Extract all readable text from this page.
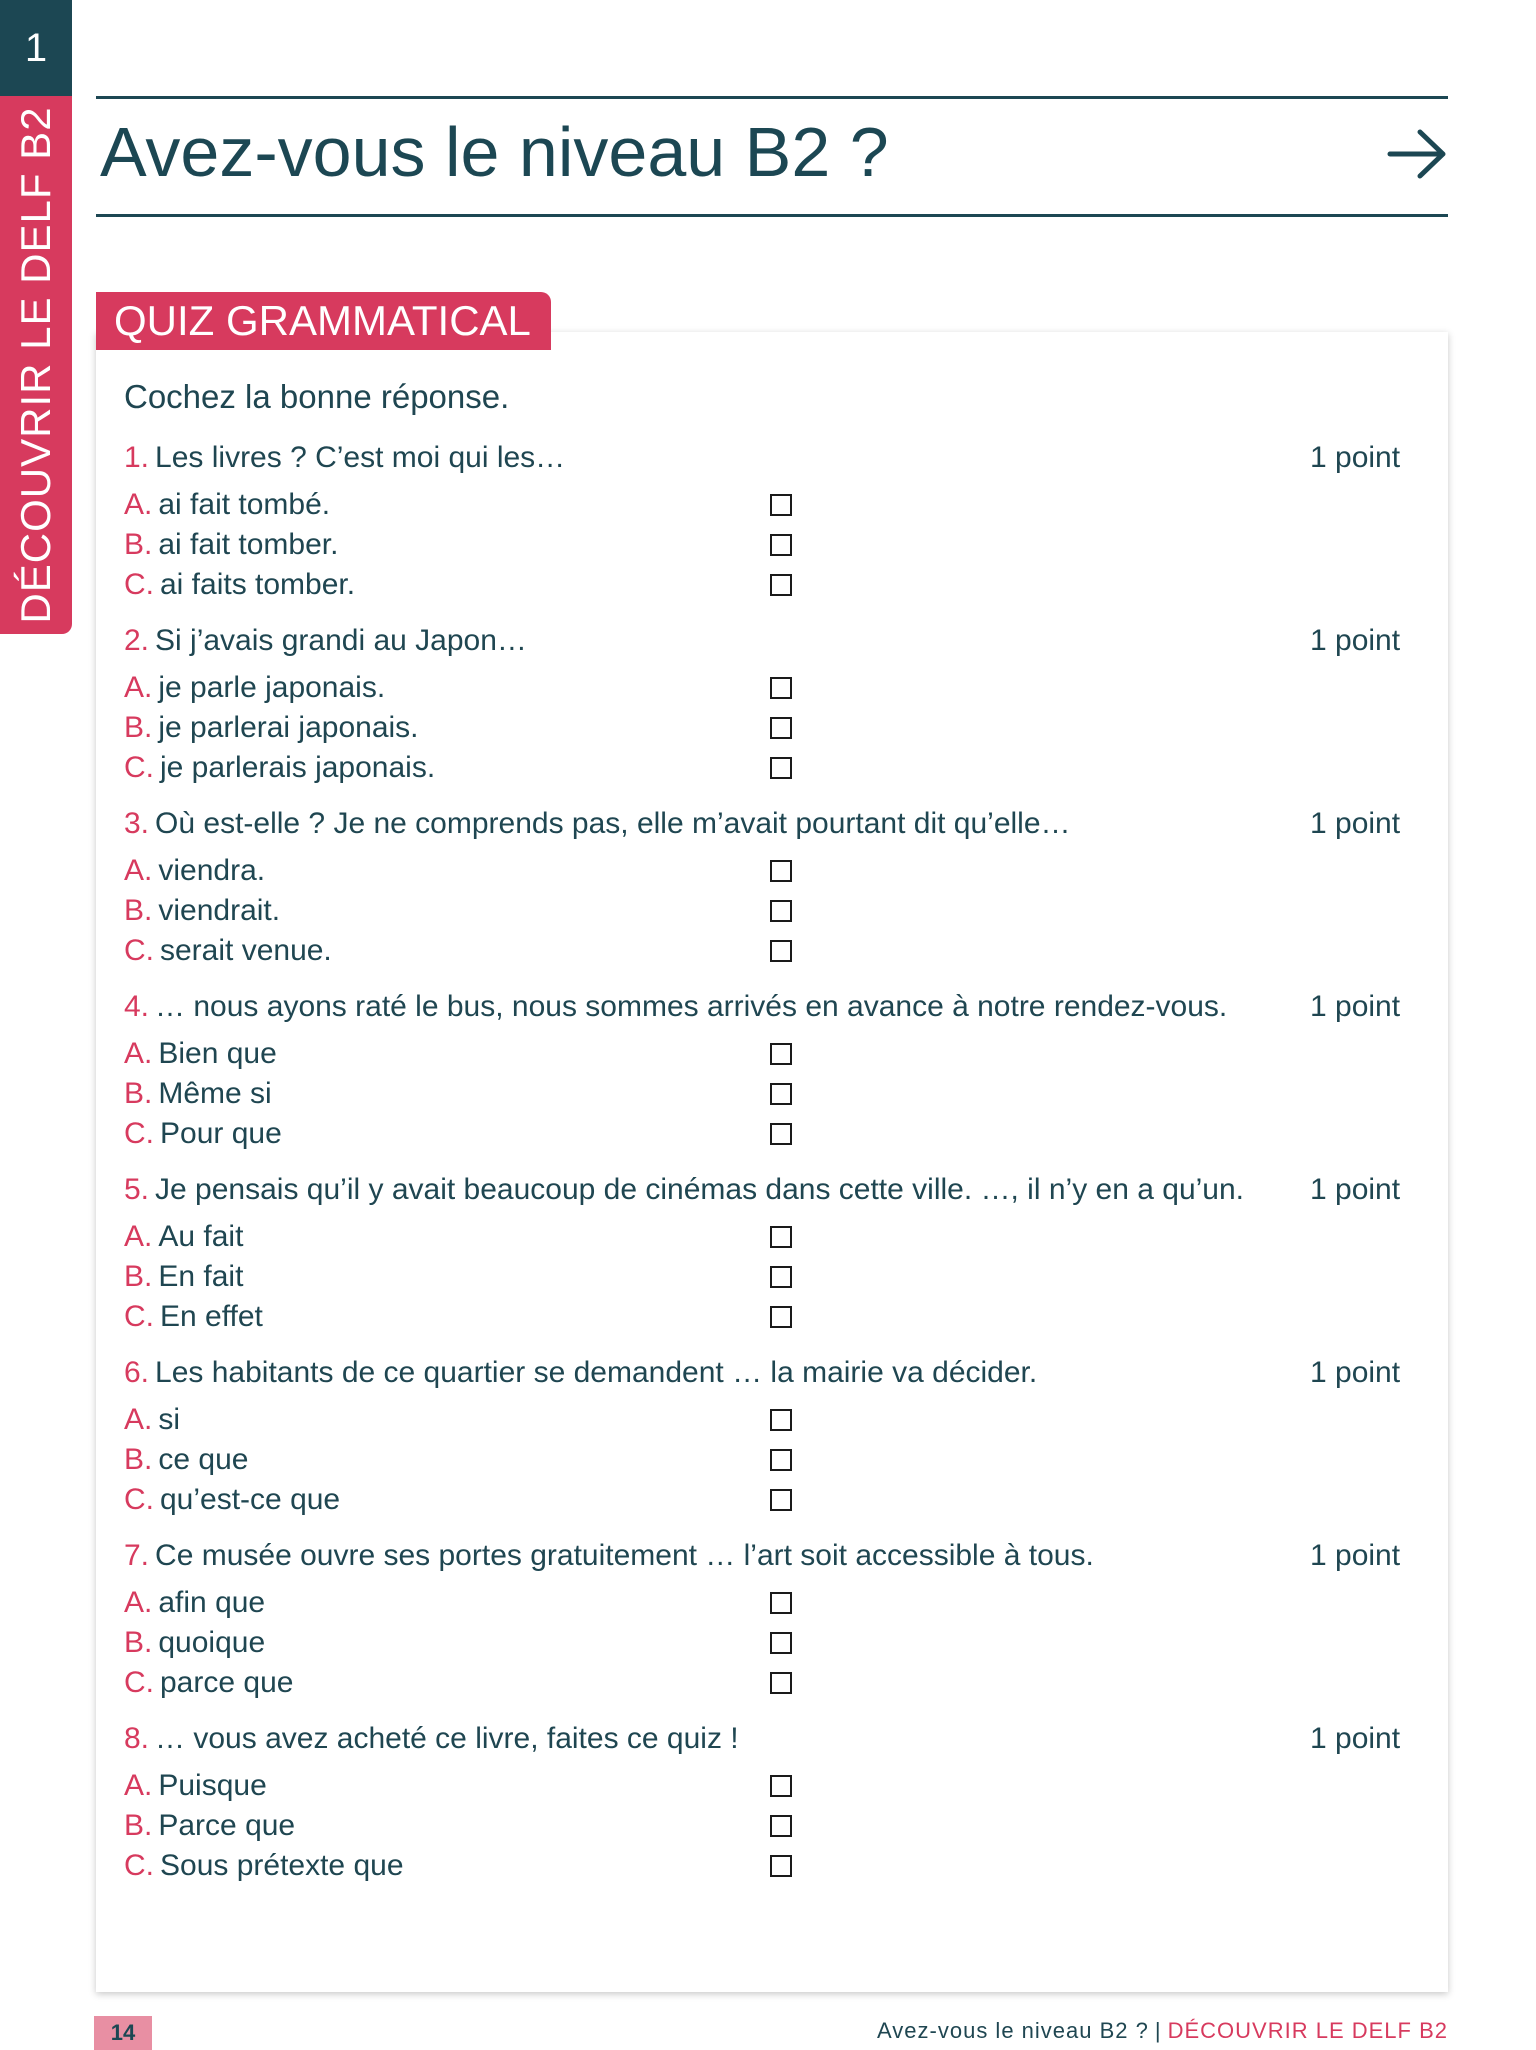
1
DÉCOUVRIR LE DELF B2 Avez-vous le niveau B2 ?
QUIZ GRAMMATICAL
Cochez la bonne réponse.
1. Les livres ? C’est moi qui les…	1 point
A. ai fait tombé.
B. ai fait tomber.
C. ai faits tomber.
2. Si j’avais grandi au Japon…	1 point
A. je parle japonais.
B. je parlerai japonais.
C. je parlerais japonais.
3. Où est-elle ? Je ne comprends pas, elle m’avait pourtant dit qu’elle…	1 point
A. viendra.
B. viendrait.
C. serait venue.
4. … nous ayons raté le bus, nous sommes arrivés en avance à notre rendez-vous.	1 point
A. Bien que
B. Même si
C. Pour que
5. Je pensais qu’il y avait beaucoup de cinémas dans cette ville. …, il n’y en a qu’un. 1 point
A. Au fait
B. En fait
C. En effet
6. Les habitants de ce quartier se demandent … la mairie va décider.	1 point
A. si
B. ce que
C. qu’est-ce que
7. Ce musée ouvre ses portes gratuitement … l’art soit accessible à tous.	1 point
A. afin que
B. quoique
C. parce que
8. … vous avez acheté ce livre, faites ce quiz !	1 point
A. Puisque
B. Parce que
C. Sous prétexte que
14	Avez-vous le niveau B2 ? | DÉCOUVRIR LE DELF B2
